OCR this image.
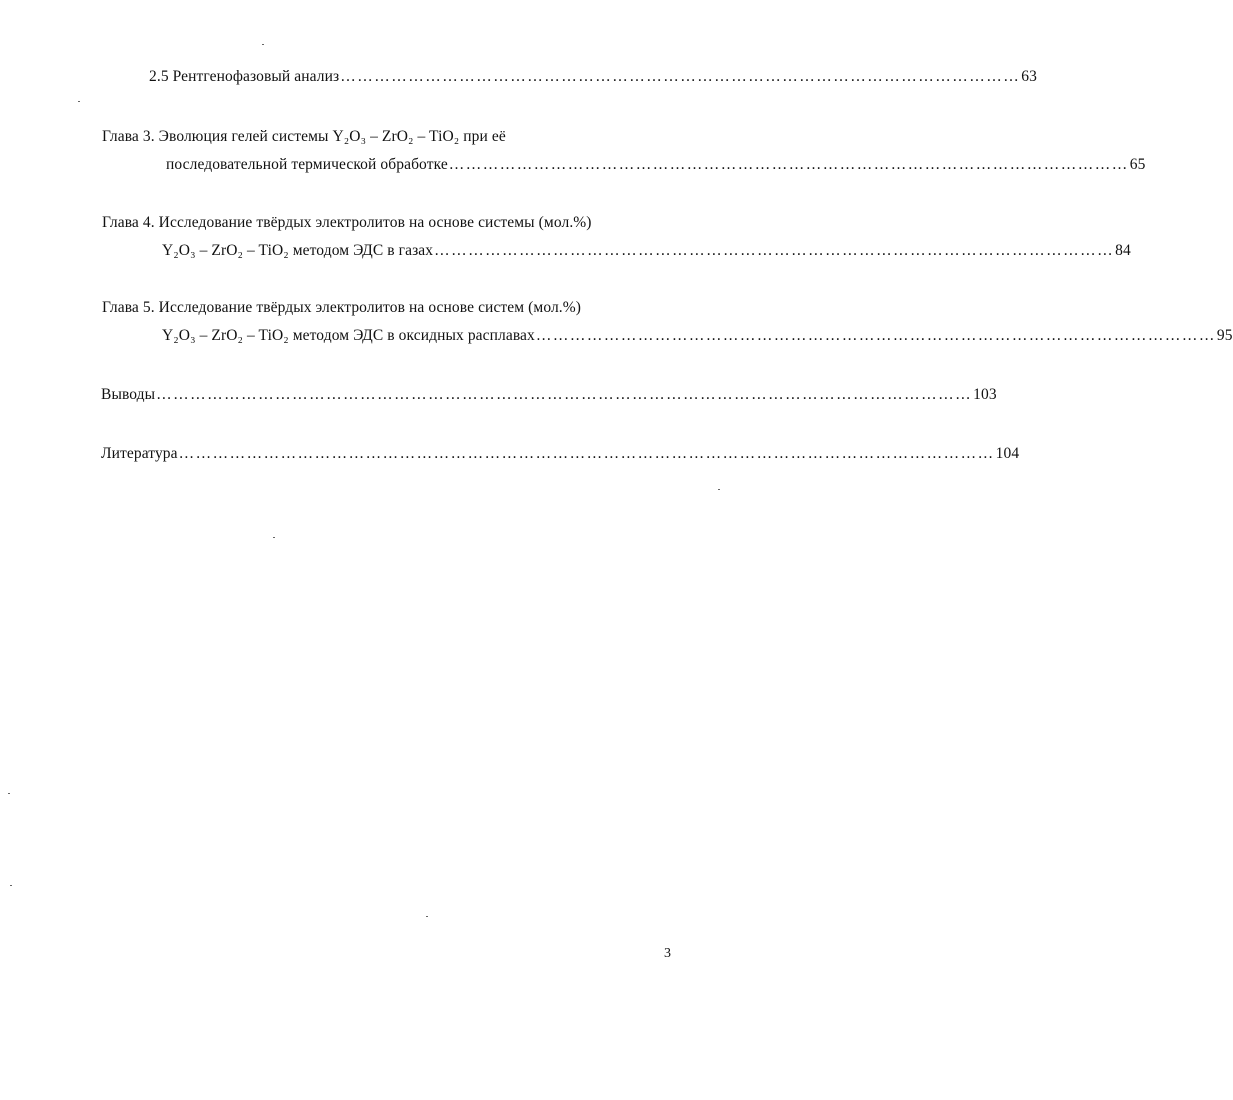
2.5 Рентгенофазовый анализ ………………………………………………………………………………………………………… 63
Глава 3. Эволюция гелей системы Y₂O₃ – ZrO₂ – TiO₂ при её
последовательной термической обработке ………………………………………………………………………………………………………… 65
Глава 4. Исследование твёрдых электролитов на основе системы (мол.%)
Y₂O₃ – ZrO₂ – TiO₂ методом ЭДС в газах ………………………………………………………………………………………………………… 84
Глава 5. Исследование твёрдых электролитов на основе систем (мол.%)
Y₂O₃ – ZrO₂ – TiO₂ методом ЭДС в оксидных расплавах ………………………………………………………………………………………………………… 95
Выводы ……………………………………………………………………………………………………………………………… 103
Литература ……………………………………………………………………………………………………………………………… 104
3
